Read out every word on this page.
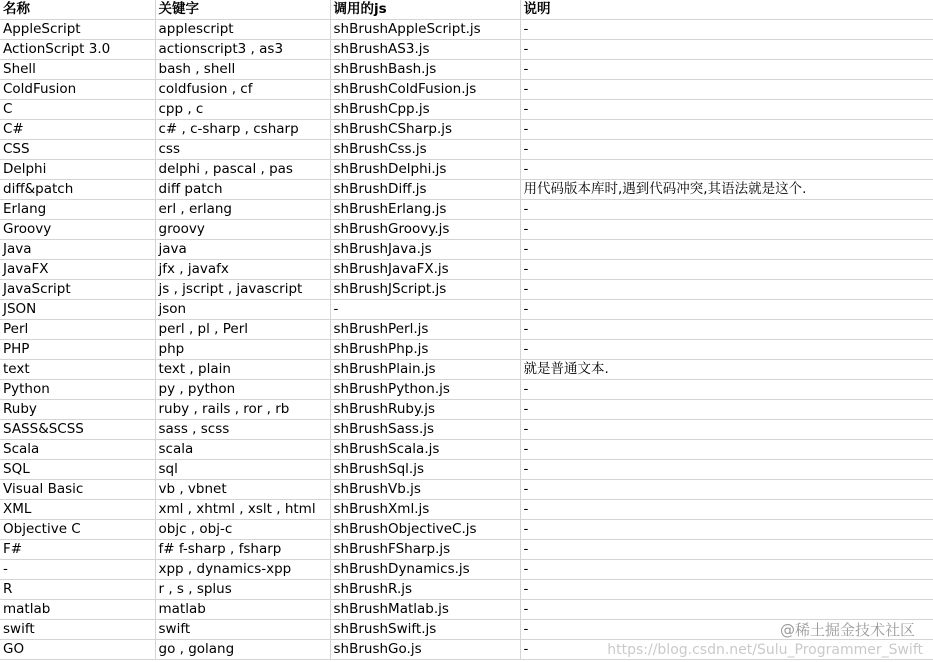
名称	关键字	调用的js	说明
AppleScript	applescript	shBrushAppleScript.js	-
ActionScript 3.0	actionscript3 , as3	shBrushAS3.js	-
Shell	bash , shell	shBrushBash.js	-
ColdFusion	coldfusion , cf	shBrushColdFusion.js	-
C	cpp , c	shBrushCpp.js	-
C#	c# , c-sharp , csharp	shBrushCSharp.js	-
CSS	css	shBrushCss.js	-
Delphi	delphi , pascal , pas	shBrushDelphi.js	-
diff&patch	diff patch	shBrushDiff.js	用代码版本库时,遇到代码冲突,其语法就是这个.
Erlang	erl , erlang	shBrushErlang.js	-
Groovy	groovy	shBrushGroovy.js	-
Java	java	shBrushJava.js	-
JavaFX	jfx , javafx	shBrushJavaFX.js	-
JavaScript	js , jscript , javascript	shBrushJScript.js	-
JSON	json	-	-
Perl	perl , pl , Perl	shBrushPerl.js	-
PHP	php	shBrushPhp.js	-
text	text , plain	shBrushPlain.js	就是普通文本.
Python	py , python	shBrushPython.js	-
Ruby	ruby , rails , ror , rb	shBrushRuby.js	-
SASS&SCSS	sass , scss	shBrushSass.js	-
Scala	scala	shBrushScala.js	-
SQL	sql	shBrushSql.js	-
Visual Basic	vb , vbnet	shBrushVb.js	-
XML	xml , xhtml , xslt , html	shBrushXml.js	-
Objective C	objc , obj-c	shBrushObjectiveC.js	-
F#	f# f-sharp , fsharp	shBrushFSharp.js	-
-	xpp , dynamics-xpp	shBrushDynamics.js	-
R	r , s , splus	shBrushR.js	-
matlab	matlab	shBrushMatlab.js	-
swift	swift	shBrushSwift.js	-
GO	go , golang	shBrushGo.js	-
@稀土掘金技术社区
https://blog.csdn.net/Sulu_Programmer_Swift
